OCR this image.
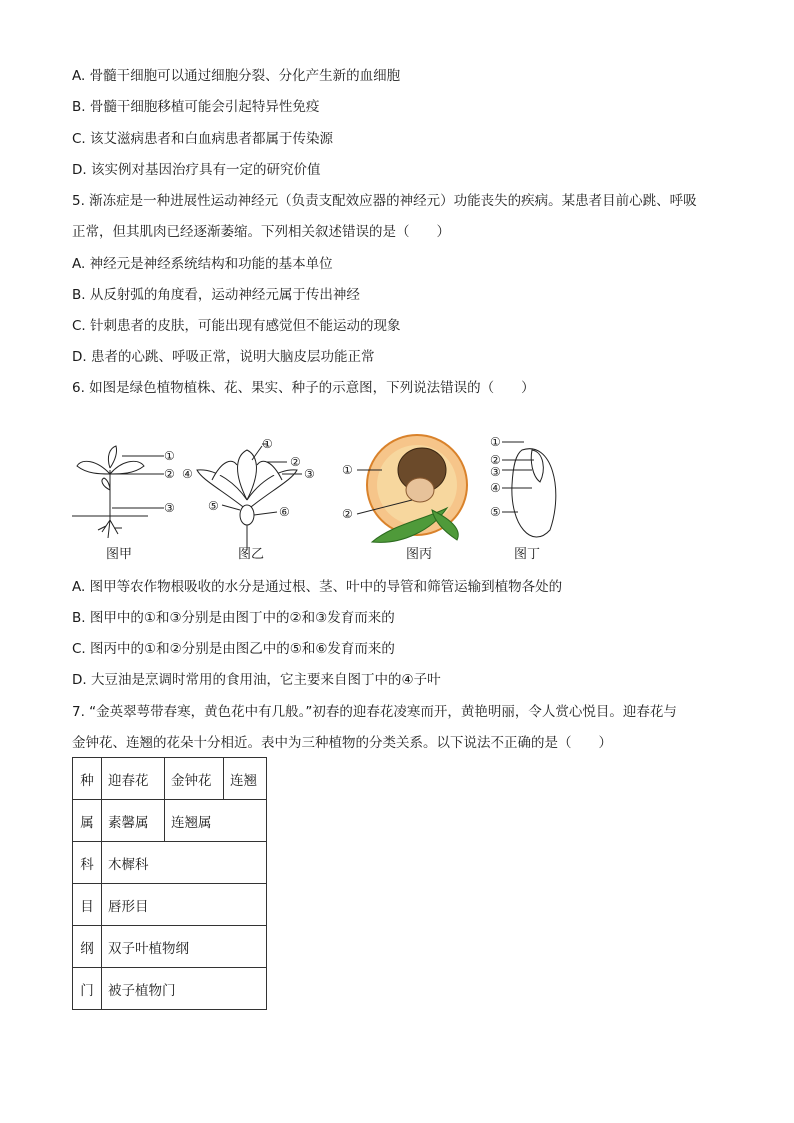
A. 骨髓干细胞可以通过细胞分裂、分化产生新的血细胞
B. 骨髓干细胞移植可能会引起特异性免疫
C. 该艾滋病患者和白血病患者都属于传染源
D. 该实例对基因治疗具有一定的研究价值
5. 渐冻症是一种进展性运动神经元（负责支配效应器的神经元）功能丧失的疾病。某患者目前心跳、呼吸
正常，但其肌肉已经逐渐萎缩。下列相关叙述错误的是（　　）
A. 神经元是神经系统结构和功能的基本单位
B. 从反射弧的角度看，运动神经元属于传出神经
C. 针刺患者的皮肤，可能出现有感觉但不能运动的现象
D. 患者的心跳、呼吸正常，说明大脑皮层功能正常
6. 如图是绿色植物植株、花、果实、种子的示意图，下列说法错误的（　　）
①
②
③
④
①
②
③
⑤	⑥
①
②
①
②
③
④
⑤
图甲	图乙	图丙	图丁
A. 图甲等农作物根吸收的水分是通过根、茎、叶中的导管和筛管运输到植物各处的
B. 图甲中的①和③分别是由图丁中的②和③发育而来的
C. 图丙中的①和②分别是由图乙中的⑤和⑥发育而来的
D. 大豆油是烹调时常用的食用油，它主要来自图丁中的④子叶
7. “金英翠萼带春寒，黄色花中有几般。”初春的迎春花凌寒而开，黄艳明丽，令人赏心悦目。迎春花与
金钟花、连翘的花朵十分相近。表中为三种植物的分类关系。以下说法不正确的是（　　）
种	迎春花	金钟花	连翘
属	素馨属	连翘属	
科	木樨科		
目	唇形目		
纲	双子叶植物纲		
门	被子植物门		
